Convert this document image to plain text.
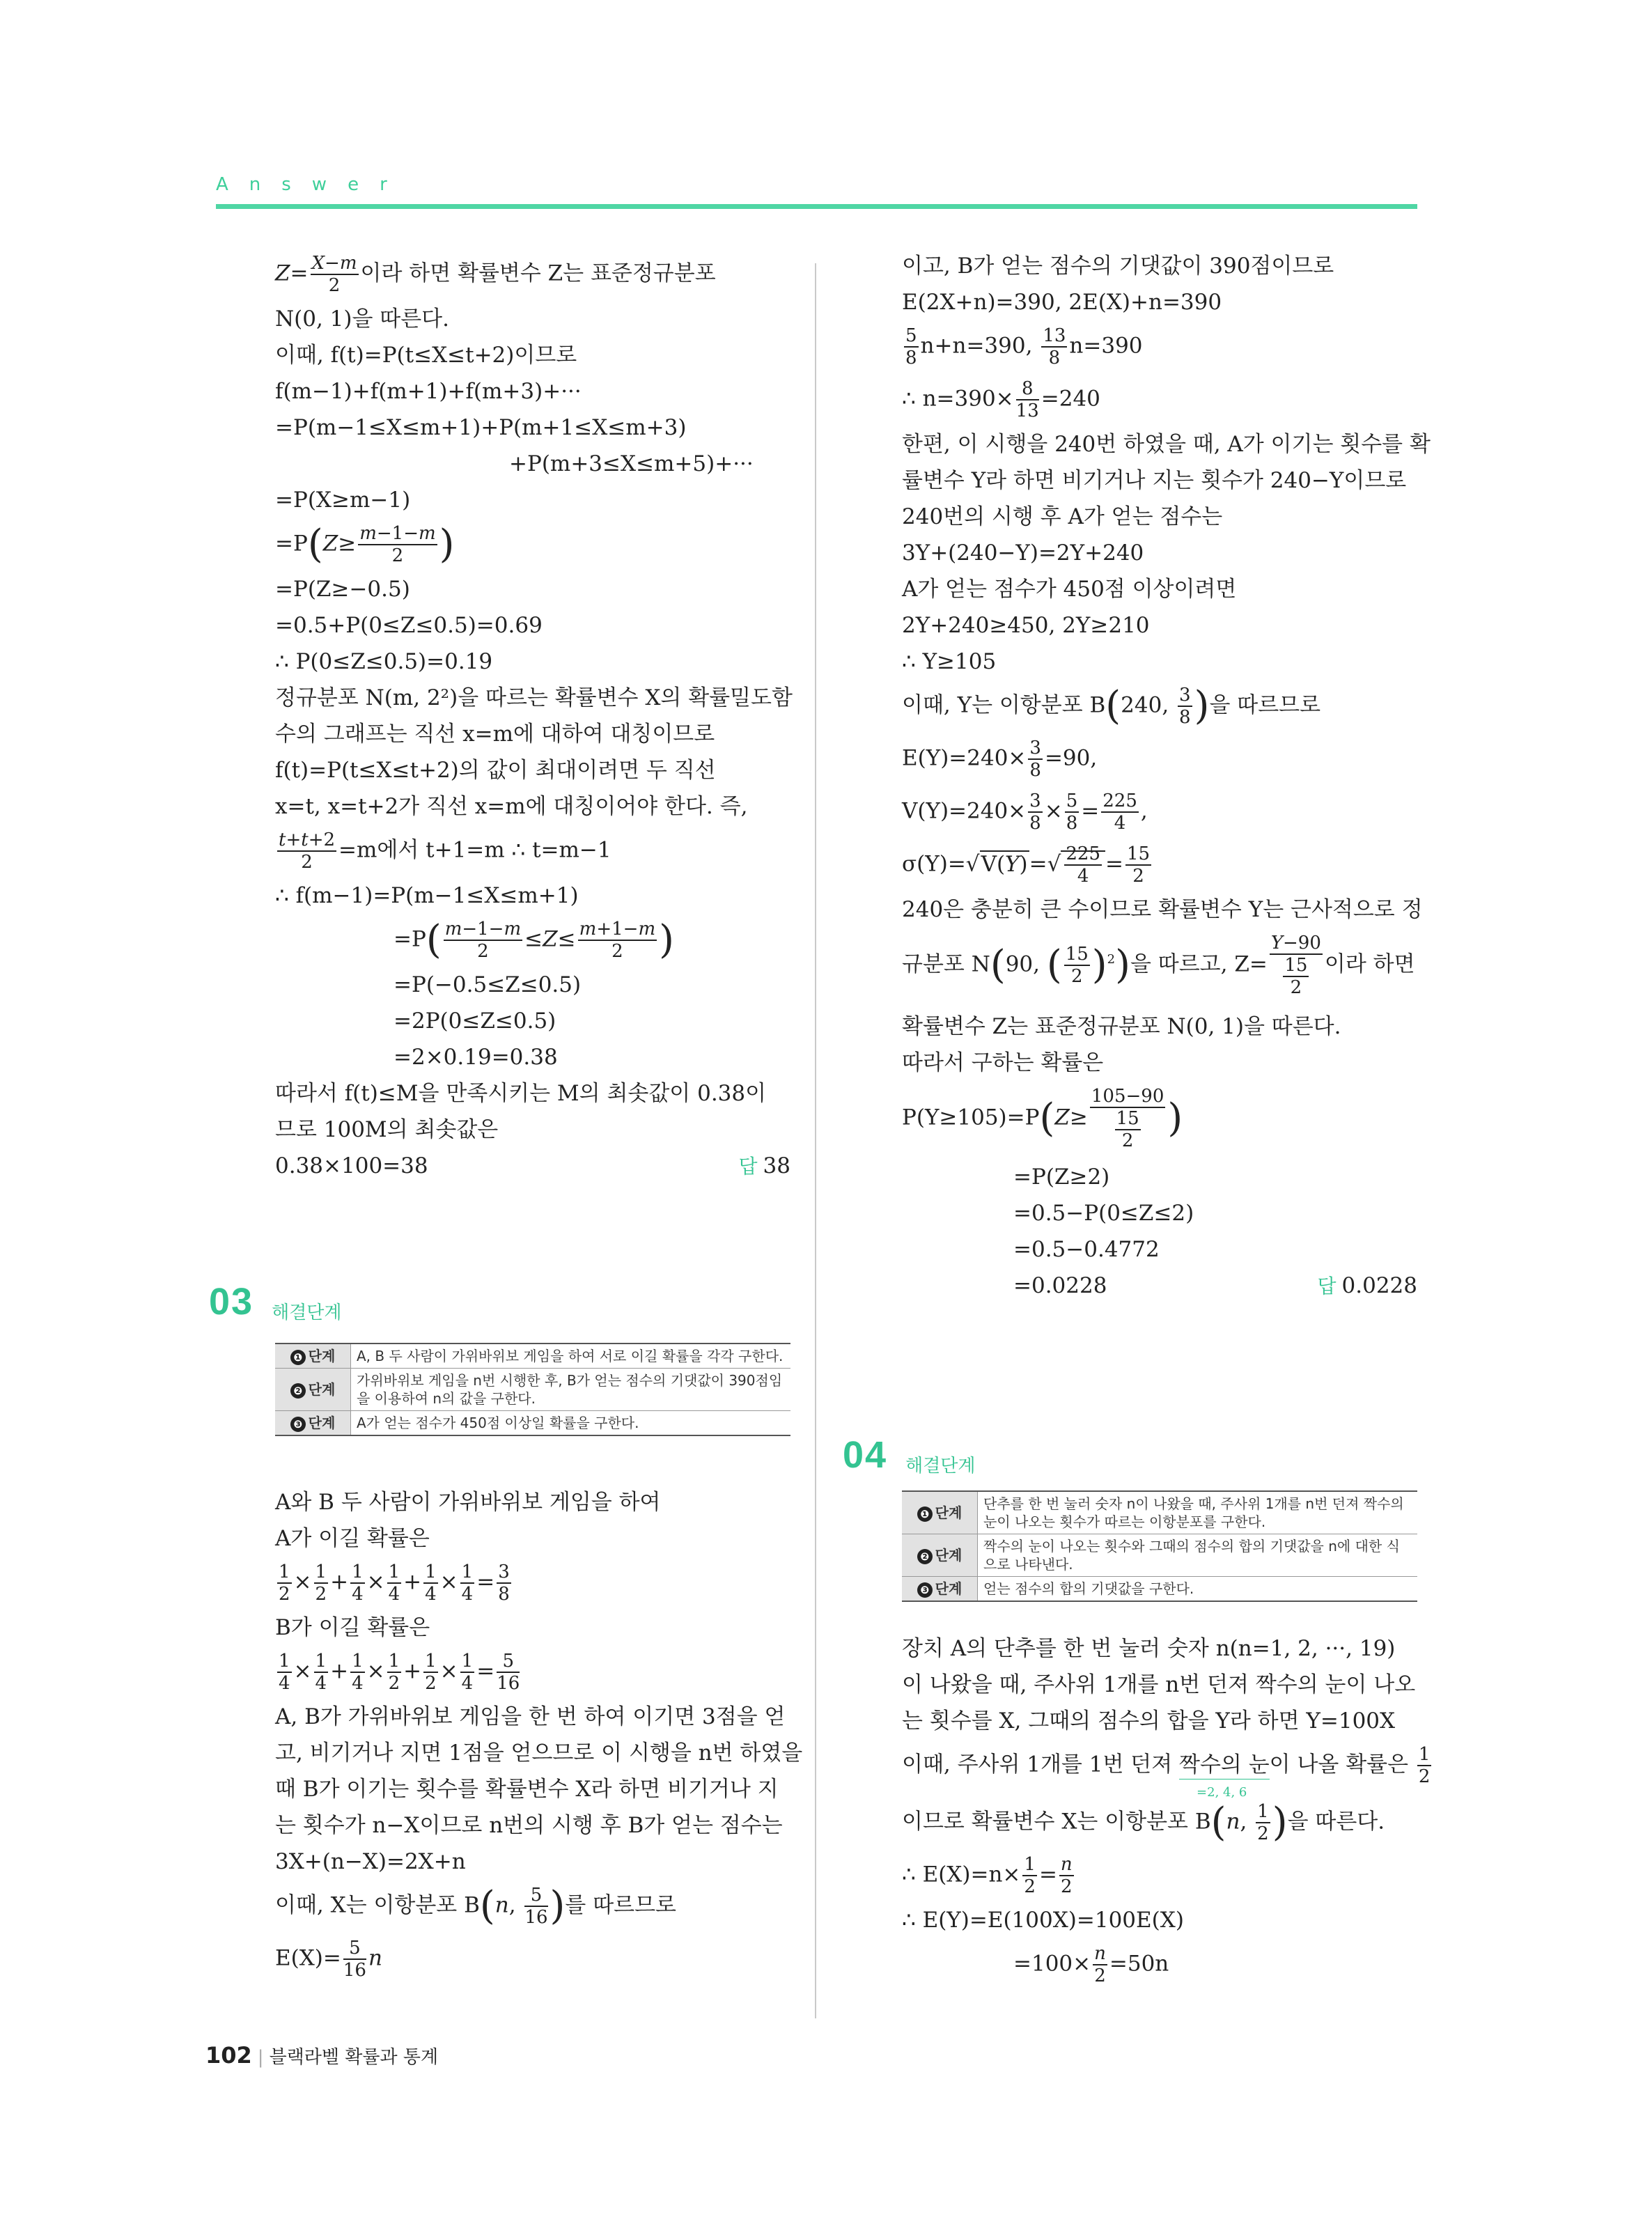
Answer
$Z= \frac{X-m}{2}$ 이라 하면 확률변수 Z는 표준정규분포
N(0, 1)을 따른다.
이때, f(t)=P(t≤X≤t+2)이므로
f(m−1)+f(m+1)+f(m+3)+···
=P(m−1≤X≤m+1)+P(m+1≤X≤m+3)
+P(m+3≤X≤m+5)+···
=P(X≥m−1)
$=P(Z\ge \frac{m-1-m}{2}$ )
=P(Z≥−0.5)
=0.5+P(0≤Z≤0.5)=0.69
∴ P(0≤Z≤0.5)=0.19
정규분포 N(m, 2²)을 따르는 확률변수 X의 확률밀도함
수의 그래프는 직선 x=m에 대하여 대칭이므로
f(t)=P(t≤X≤t+2)의 값이 최대이려면 두 직선
x=t, x=t+2가 직선 x=m에 대칭이어야 한다. 즉,
$\frac{t+t+2}{2} =m$에서 t+1=m ∴ t=m−1
∴ f(m−1)=P(m−1≤X≤m+1)
$=P( \frac{m-1-m}{2} \le Z\le \frac{m+1-m}{2}$ )
=P(−0.5≤Z≤0.5)
=2P(0≤Z≤0.5)
=2×0.19=0.38
따라서 f(t)≤M을 만족시키는 M의 최솟값이 0.38이
므로 100M의 최솟값은
0.38×100=38	답 38
03 해결단계
❶ 단계	A, B 두 사람이 가위바위보 게임을 하여 서로 이길 확률을 각각 구한다.
❷ 단계	가위바위보 게임을 n번 시행한 후, B가 얻는 점수의 기댓값이 390점임을 이용하여 n의 값을 구한다.
❸ 단계	A가 얻는 점수가 450점 이상일 확률을 구한다.
A와 B 두 사람이 가위바위보 게임을 하여
A가 이길 확률은
$\frac{1}{2} \times \frac{1}{2} + \frac{1}{4} \times \frac{1}{4} + \frac{1}{4} \times \frac{1}{4} = \frac{3}{8}$
B가 이길 확률은
$\frac{1}{4} \times \frac{1}{4} + \frac{1}{4} \times \frac{1}{2} + \frac{1}{2} \times \frac{1}{4} = \frac{5}{16}$
A, B가 가위바위보 게임을 한 번 하여 이기면 3점을 얻
고, 비기거나 지면 1점을 얻으므로 이 시행을 n번 하였을
때 B가 이기는 횟수를 확률변수 X라 하면 비기거나 지
는 횟수가 n−X이므로 n번의 시행 후 B가 얻는 점수는
3X+(n−X)=2X+n
이때, X는 이항분포 B(n, $\frac{5}{16}$ )를 따르므로
$E(X)= \frac{5}{16}$ n
이고, B가 얻는 점수의 기댓값이 390점이므로
E(2X+n)=390, 2E(X)+n=390
$\frac{5}{8} n+n=390$, $\frac{13}{8} n=390$
∴ $n=390\times \frac{8}{13} =240$
한편, 이 시행을 240번 하였을 때, A가 이기는 횟수를 확
률변수 Y라 하면 비기거나 지는 횟수가 240−Y이므로
240번의 시행 후 A가 얻는 점수는
3Y+(240−Y)=2Y+240
A가 얻는 점수가 450점 이상이려면
2Y+240≥450, 2Y≥210
∴ Y≥105
이때, Y는 이항분포 B(240, $\frac{3}{8}$ )을 따르므로
$E(Y)=240\times \frac{3}{8} =90$,
$V(Y)=240\times \frac{3}{8} \times \frac{5}{8} = \frac{225}{4}$ ,
$\sigma(Y)=√V(Y)=√ \frac{225}{4} = \frac{15}{2}$
240은 충분히 큰 수이므로 확률변수 Y는 근사적으로 정
규분포 N(90, ( $\frac{15}{2} )^2$)을 따르고, $Z= \frac{Y-90}{\frac{15}{2}}$ 이라 하면
확률변수 Z는 표준정규분포 N(0, 1)을 따른다.
따라서 구하는 확률은
$P(Y\ge 105)=P(Z\ge \frac{105-90}{\frac{15}{2}}$ )
=P(Z≥2)
=0.5−P(0≤Z≤2)
=0.5−0.4772
=0.0228	답 0.0228
04 해결단계
❶ 단계	단추를 한 번 눌러 숫자 n이 나왔을 때, 주사위 1개를 n번 던져 짝수의 눈이 나오는 횟수가 따르는 이항분포를 구한다.
❷ 단계	짝수의 눈이 나오는 횟수와 그때의 점수의 합의 기댓값을 n에 대한 식으로 나타낸다.
❸ 단계	얻는 점수의 합의 기댓값을 구한다.
장치 A의 단추를 한 번 눌러 숫자 n(n=1, 2, ···, 19)
이 나왔을 때, 주사위 1개를 n번 던져 짝수의 눈이 나오
는 횟수를 X, 그때의 점수의 합을 Y라 하면 Y=100X
이때, 주사위 1개를 1번 던져 짝수의 눈
=2, 4, 6
이 나올 확률은 $\frac{1}{2}$
이므로 확률변수 X는 이항분포 B(n, $\frac{1}{2}$ )을 따른다.
∴ $E(X)=n\times \frac{1}{2} = \frac{n}{2}$
∴ E(Y)=E(100X)=100E(X)
$=100\times \frac{n}{2} =50n$
102 | 블랙라벨 확률과 통계
